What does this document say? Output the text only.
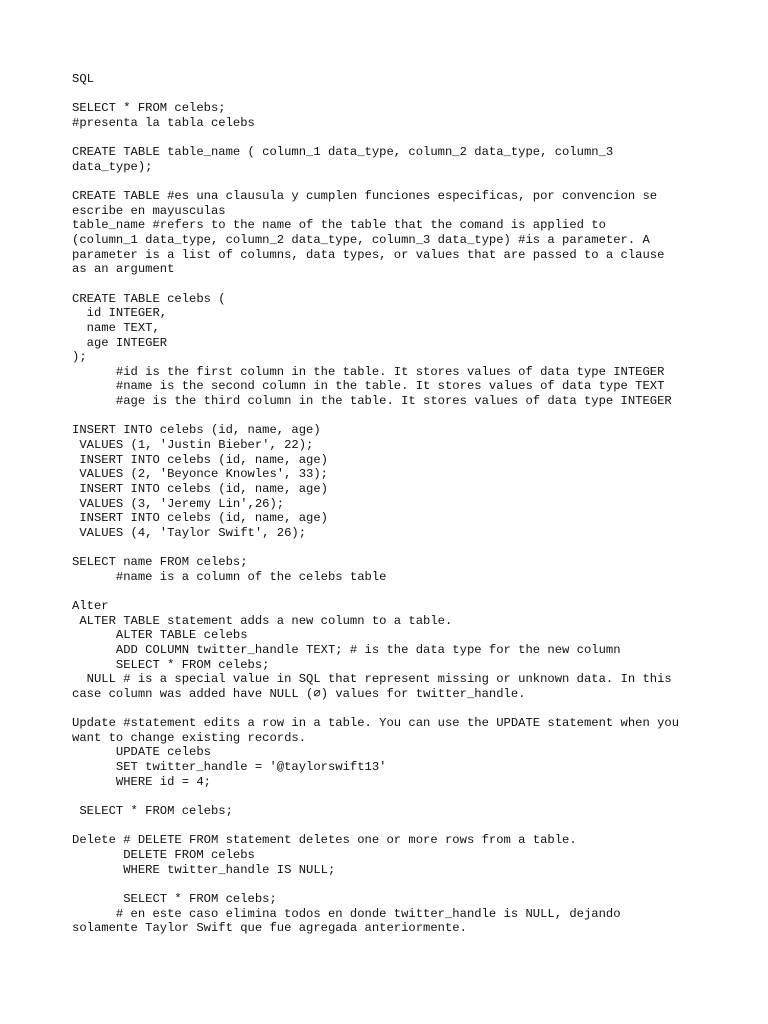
SQL
SELECT * FROM celebs;
#presenta la tabla celebs
CREATE TABLE table_name ( column_1 data_type, column_2 data_type, column_3
data_type);
CREATE TABLE #es una clausula y cumplen funciones especificas, por convencion se
escribe en mayusculas
table_name #refers to the name of the table that the comand is applied to
(column_1 data_type, column_2 data_type, column_3 data_type) #is a parameter. A
parameter is a list of columns, data types, or values that are passed to a clause
as an argument
CREATE TABLE celebs (
id INTEGER,
name TEXT,
age INTEGER
);
#id is the first column in the table. It stores values of data type INTEGER
#name is the second column in the table. It stores values of data type TEXT
#age is the third column in the table. It stores values of data type INTEGER
INSERT INTO celebs (id, name, age)
VALUES (1, 'Justin Bieber', 22);
INSERT INTO celebs (id, name, age)
VALUES (2, 'Beyonce Knowles', 33);
INSERT INTO celebs (id, name, age)
VALUES (3, 'Jeremy Lin',26);
INSERT INTO celebs (id, name, age)
VALUES (4, 'Taylor Swift', 26);
SELECT name FROM celebs;
#name is a column of the celebs table
Alter
ALTER TABLE statement adds a new column to a table.
ALTER TABLE celebs
ADD COLUMN twitter_handle TEXT; # is the data type for the new column
SELECT * FROM celebs;
NULL # is a special value in SQL that represent missing or unknown data. In this
case column was added have NULL (∅) values for twitter_handle.
Update #statement edits a row in a table. You can use the UPDATE statement when you
want to change existing records.
UPDATE celebs
SET twitter_handle = '@taylorswift13'
WHERE id = 4;
SELECT * FROM celebs;
Delete # DELETE FROM statement deletes one or more rows from a table.
DELETE FROM celebs
WHERE twitter_handle IS NULL;
SELECT * FROM celebs;
# en este caso elimina todos en donde twitter_handle is NULL, dejando
solamente Taylor Swift que fue agregada anteriormente.
